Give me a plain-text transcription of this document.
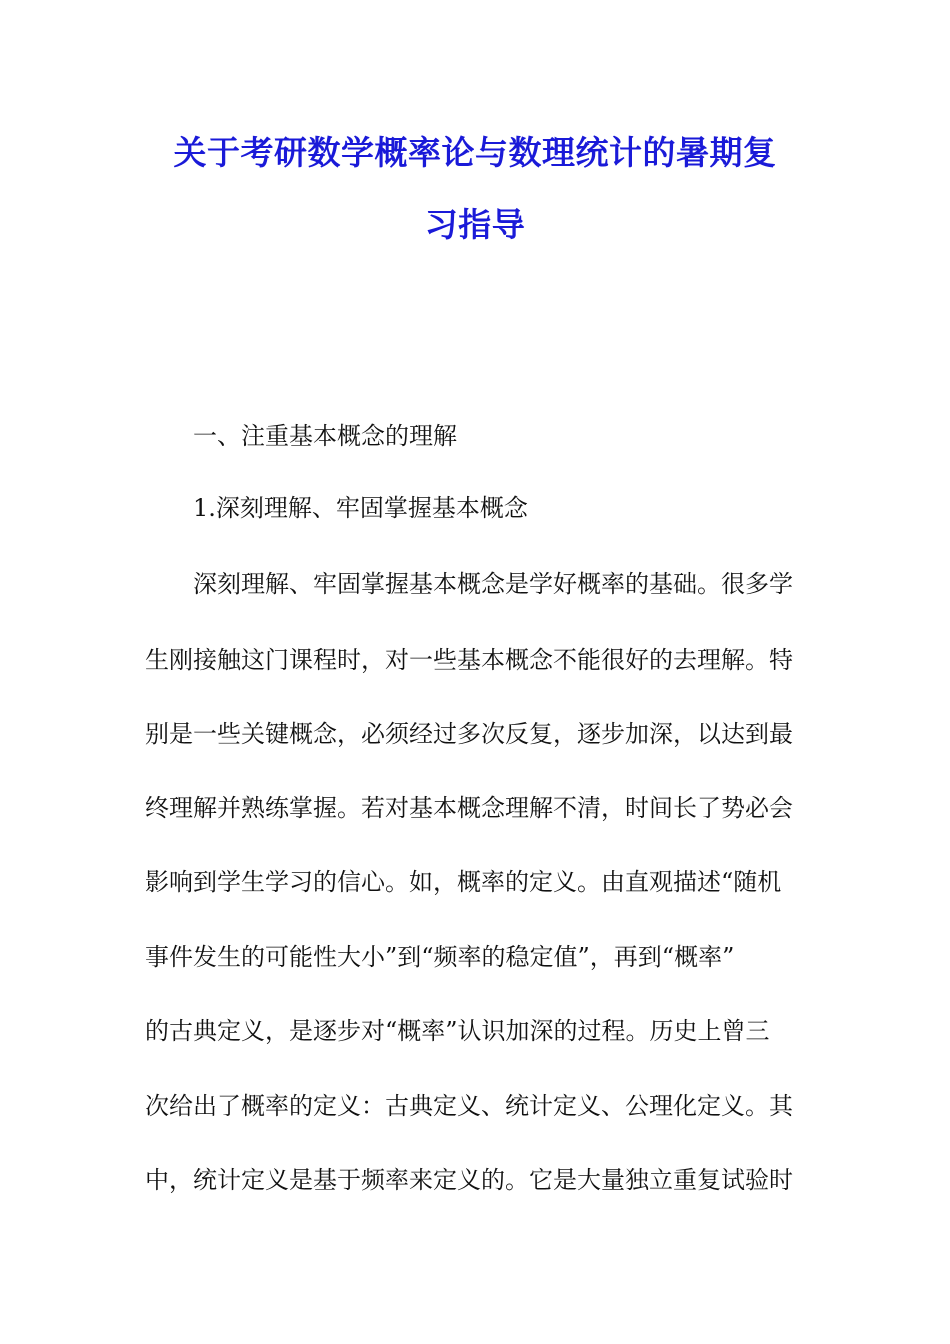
关于考研数学概率论与数理统计的暑期复
习指导
一、注重基本概念的理解
1.深刻理解、牢固掌握基本概念
　　深刻理解、牢固掌握基本概念是学好概率的基础。很多学
生刚接触这门课程时，对一些基本概念不能很好的去理解。特
别是一些关键概念，必须经过多次反复，逐步加深，以达到最
终理解并熟练掌握。若对基本概念理解不清，时间长了势必会
影响到学生学习的信心。如，概率的定义。由直观描述“随机
事件发生的可能性大小”到“频率的稳定值”，再到“概率”
的古典定义，是逐步对“概率”认识加深的过程。历史上曾三
次给出了概率的定义：古典定义、统计定义、公理化定义。其
中，统计定义是基于频率来定义的。它是大量独立重复试验时
